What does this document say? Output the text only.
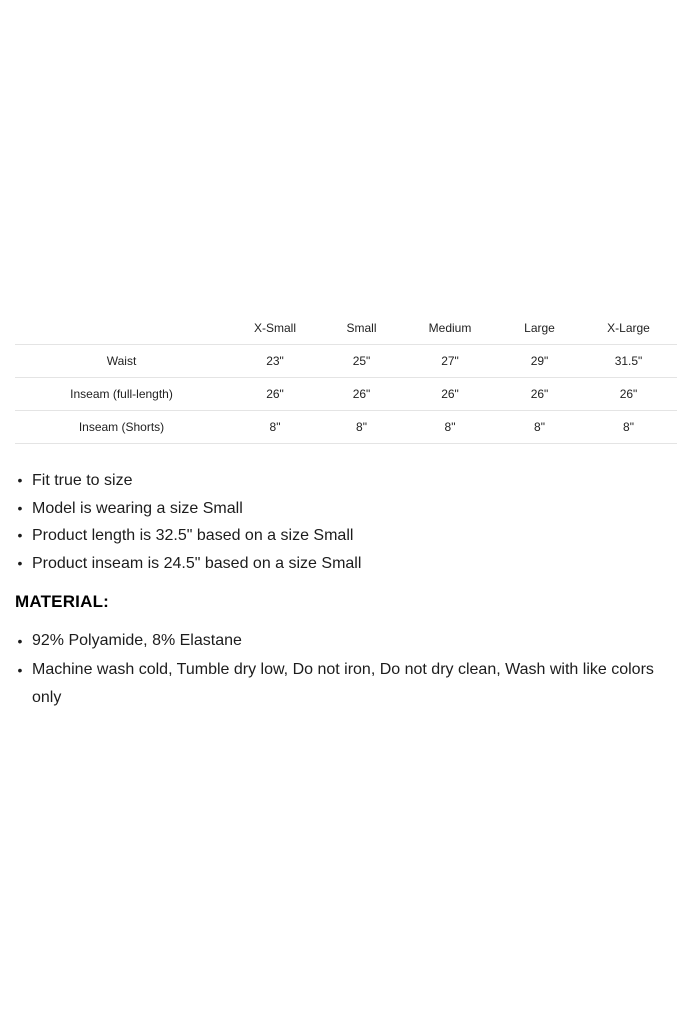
	X-Small	Small	Medium	Large	X-Large
Waist	23"	25"	27"	29"	31.5"
Inseam (full-length)	26"	26"	26"	26"	26"
Inseam (Shorts)	8"	8"	8"	8"	8"
• Fit true to size
• Model is wearing a size Small
• Product length is 32.5" based on a size Small
• Product inseam is 24.5" based on a size Small
MATERIAL:
• 92% Polyamide, 8% Elastane
• Machine wash cold, Tumble dry low, Do not iron, Do not dry clean, Wash with like colors only
